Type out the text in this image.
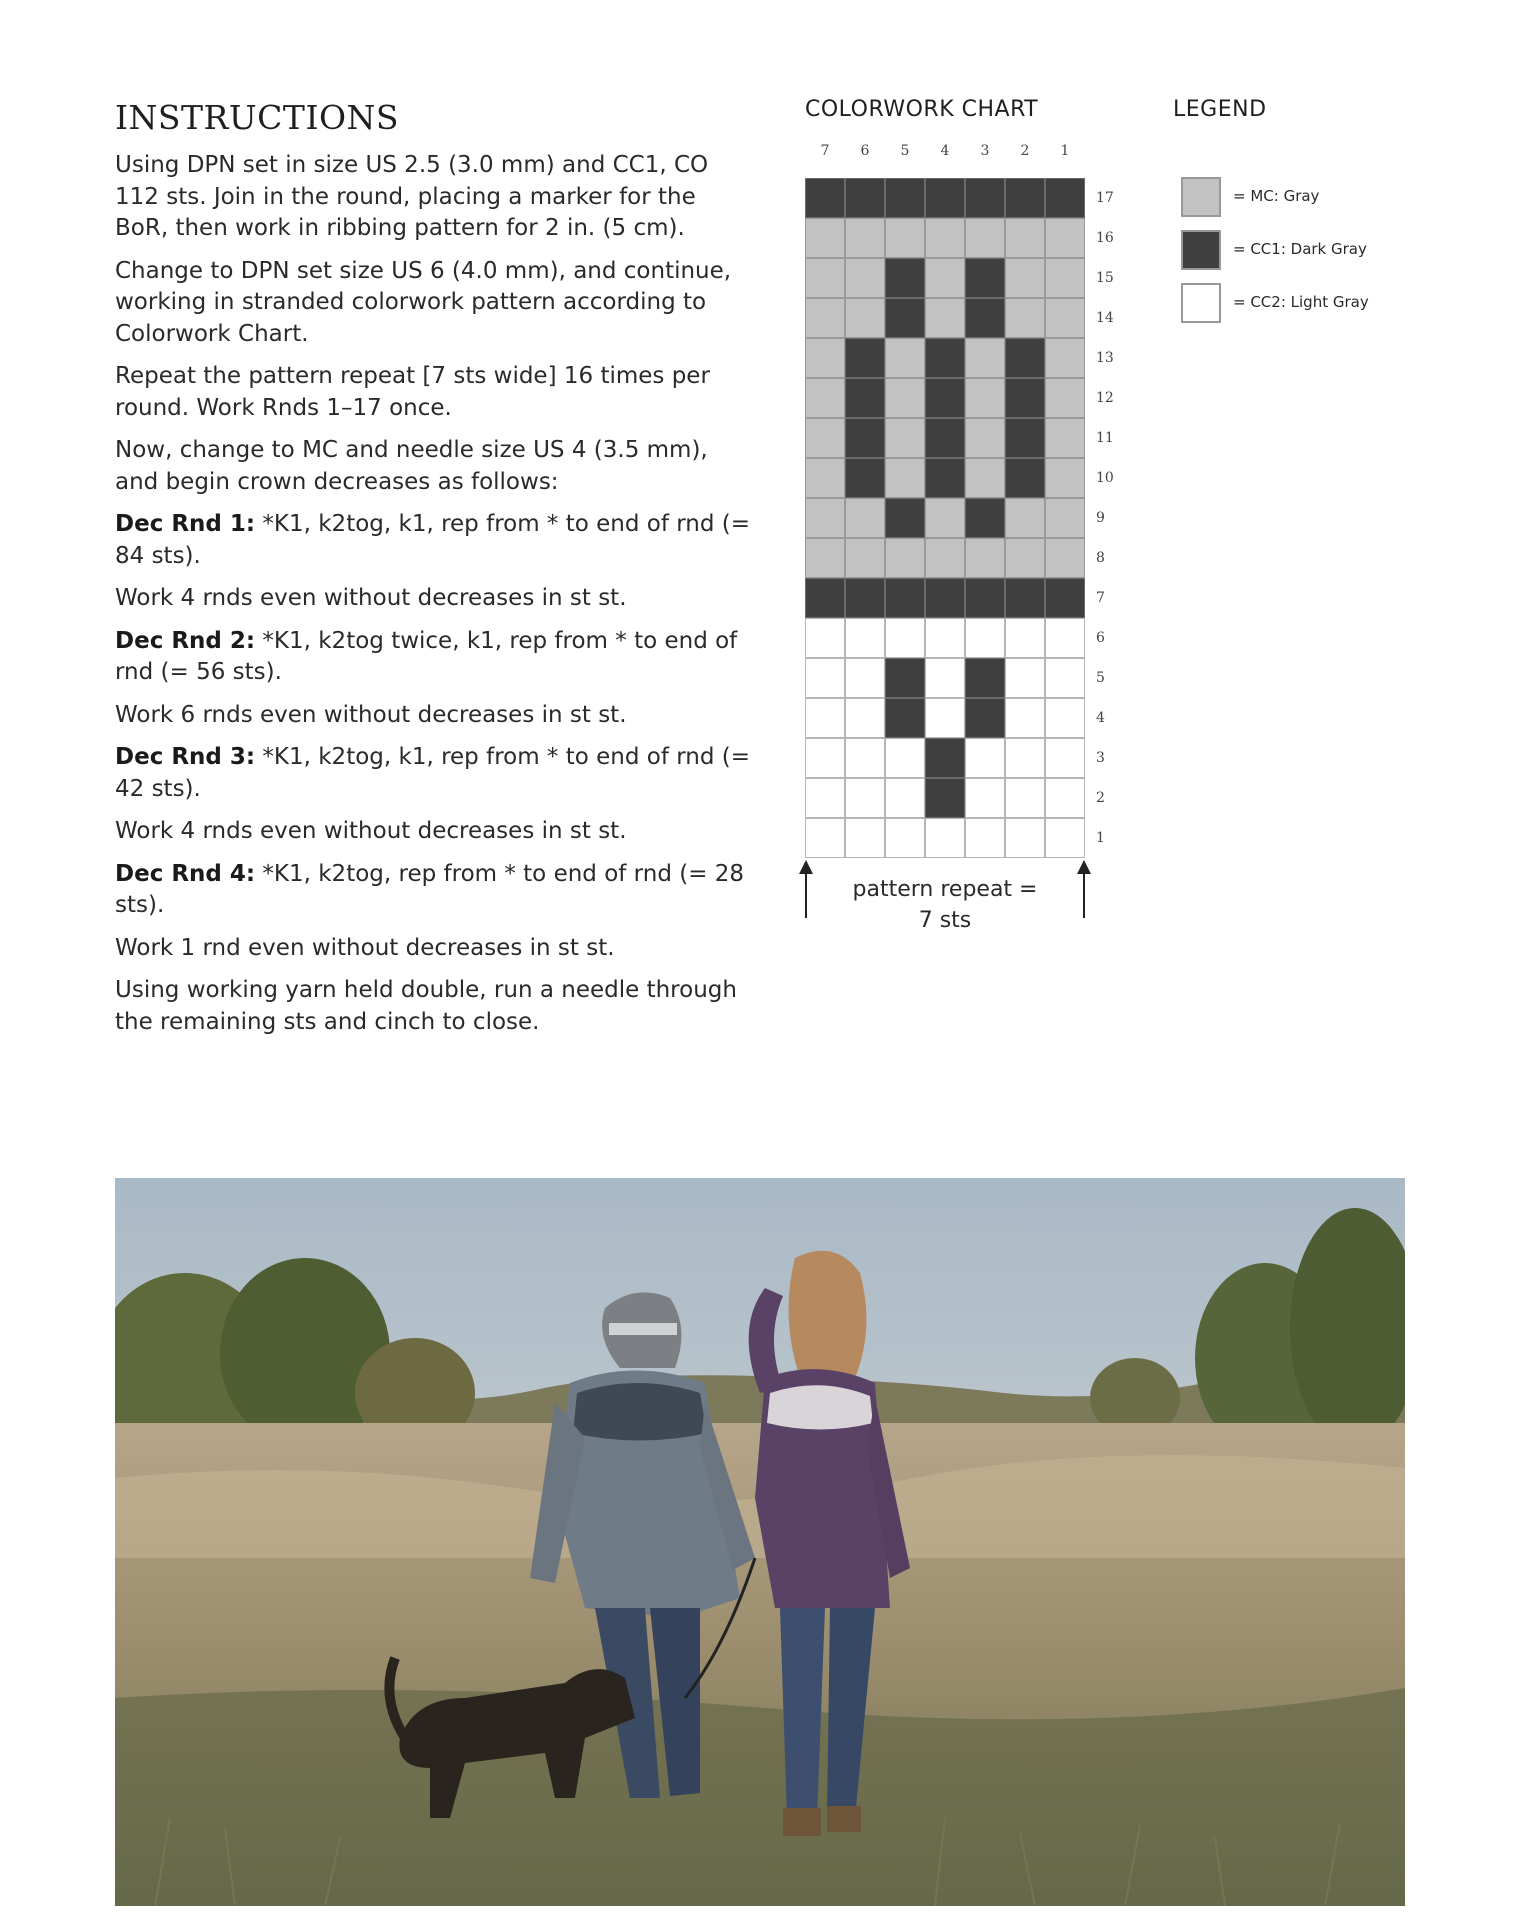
INSTRUCTIONS

Using DPN set in size US 2.5 (3.0 mm) and CC1, CO 112 sts. Join in the round, placing a marker for the BoR, then work in ribbing pattern for 2 in. (5 cm).

Change to DPN set size US 6 (4.0 mm), and continue, working in stranded colorwork pattern according to Colorwork Chart.

Repeat the pattern repeat [7 sts wide] 16 times per round. Work Rnds 1–17 once.

Now, change to MC and needle size US 4 (3.5 mm), and begin crown decreases as follows:

Dec Rnd 1: *K1, k2tog, k1, rep from * to end of rnd (= 84 sts).

Work 4 rnds even without decreases in st st.

Dec Rnd 2: *K1, k2tog twice, k1, rep from * to end of rnd (= 56 sts).

Work 6 rnds even without decreases in st st.

Dec Rnd 3: *K1, k2tog, k1, rep from * to end of rnd (= 42 sts).

Work 4 rnds even without decreases in st st.

Dec Rnd 4: *K1, k2tog, rep from * to end of rnd (= 28 sts).

Work 1 rnd even without decreases in st st.

Using working yarn held double, run a needle through the remaining sts and cinch to close.

COLORWORK CHART
7	6	5	4	3	2	1
17
16
15
14
13
12
11
10
9
8
7
6
5
4
3
2
1
pattern repeat =
7 sts
LEGEND
= MC: Gray
= CC1: Dark Gray
= CC2: Light Gray
